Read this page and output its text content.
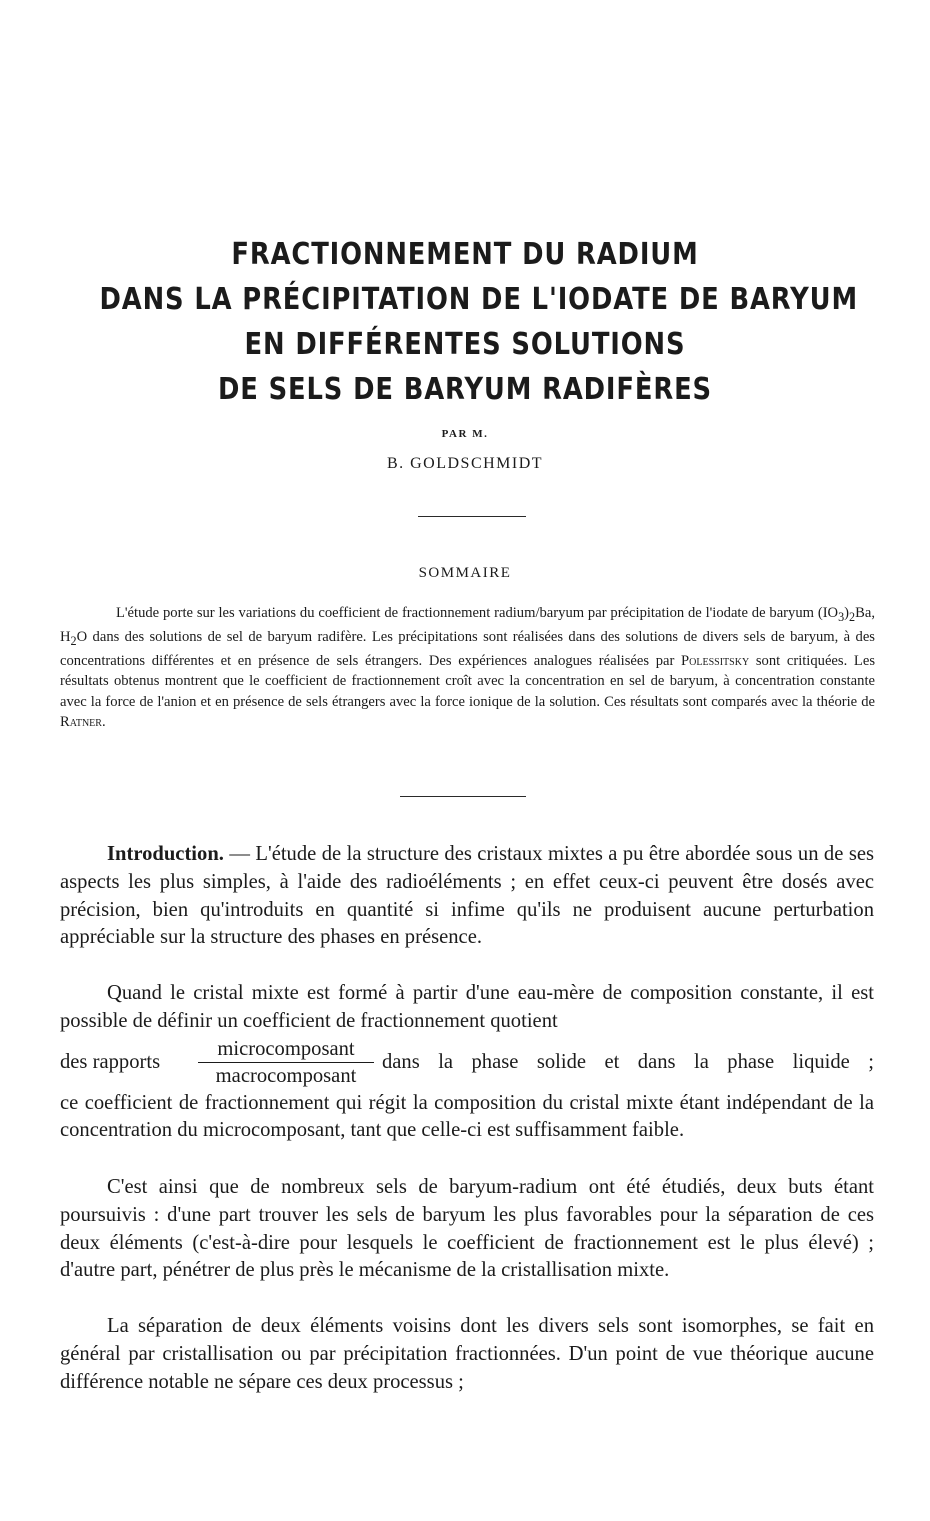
FRACTIONNEMENT DU RADIUM
DANS LA PRÉCIPITATION DE L'IODATE DE BARYUM
EN DIFFÉRENTES SOLUTIONS
DE SELS DE BARYUM RADIFÈRES
PAR M.
B. GOLDSCHMIDT
SOMMAIRE

L'étude porte sur les variations du coefficient de fractionnement radium/baryum par précipitation de l'iodate de baryum $(IO_3)_2Ba$, $H_2O$ dans des solutions de sel de baryum radifère. Les précipitations sont réalisées dans des solutions de divers sels de baryum, à des concentrations différentes et en présence de sels étrangers. Des expériences analogues réalisées par Polessitsky sont critiquées. Les résultats obtenus montrent que le coefficient de fractionnement croît avec la concentration en sel de baryum, à concentration constante avec la force de l'anion et en présence de sels étrangers avec la force ionique de la solution. Ces résultats sont comparés avec la théorie de Ratner.

Introduction. — L'étude de la structure des cristaux mixtes a pu être abordée sous un de ses aspects les plus simples, à l'aide des radioéléments ; en effet ceux-ci peuvent être dosés avec précision, bien qu'introduits en quantité si infime qu'ils ne produisent aucune perturbation appréciable sur la structure des phases en présence.

Quand le cristal mixte est formé à partir d'une eau-mère de composition constante, il est possible de définir un coefficient de fractionnement quotient
des rapports
microcomposant
macrocomposant
dans la phase solide et dans la phase liquide ;
ce coefficient de fractionnement qui régit la composition du cristal mixte étant indépendant de la concentration du microcomposant, tant que celle-ci est suffisamment faible.

C'est ainsi que de nombreux sels de baryum-radium ont été étudiés, deux buts étant poursuivis : d'une part trouver les sels de baryum les plus favorables pour la séparation de ces deux éléments (c'est-à-dire pour lesquels le coefficient de fractionnement est le plus élevé) ; d'autre part, pénétrer de plus près le mécanisme de la cristallisation mixte.

La séparation de deux éléments voisins dont les divers sels sont isomorphes, se fait en général par cristallisation ou par précipitation fractionnées. D'un point de vue théorique aucune différence notable ne sépare ces deux processus ;
